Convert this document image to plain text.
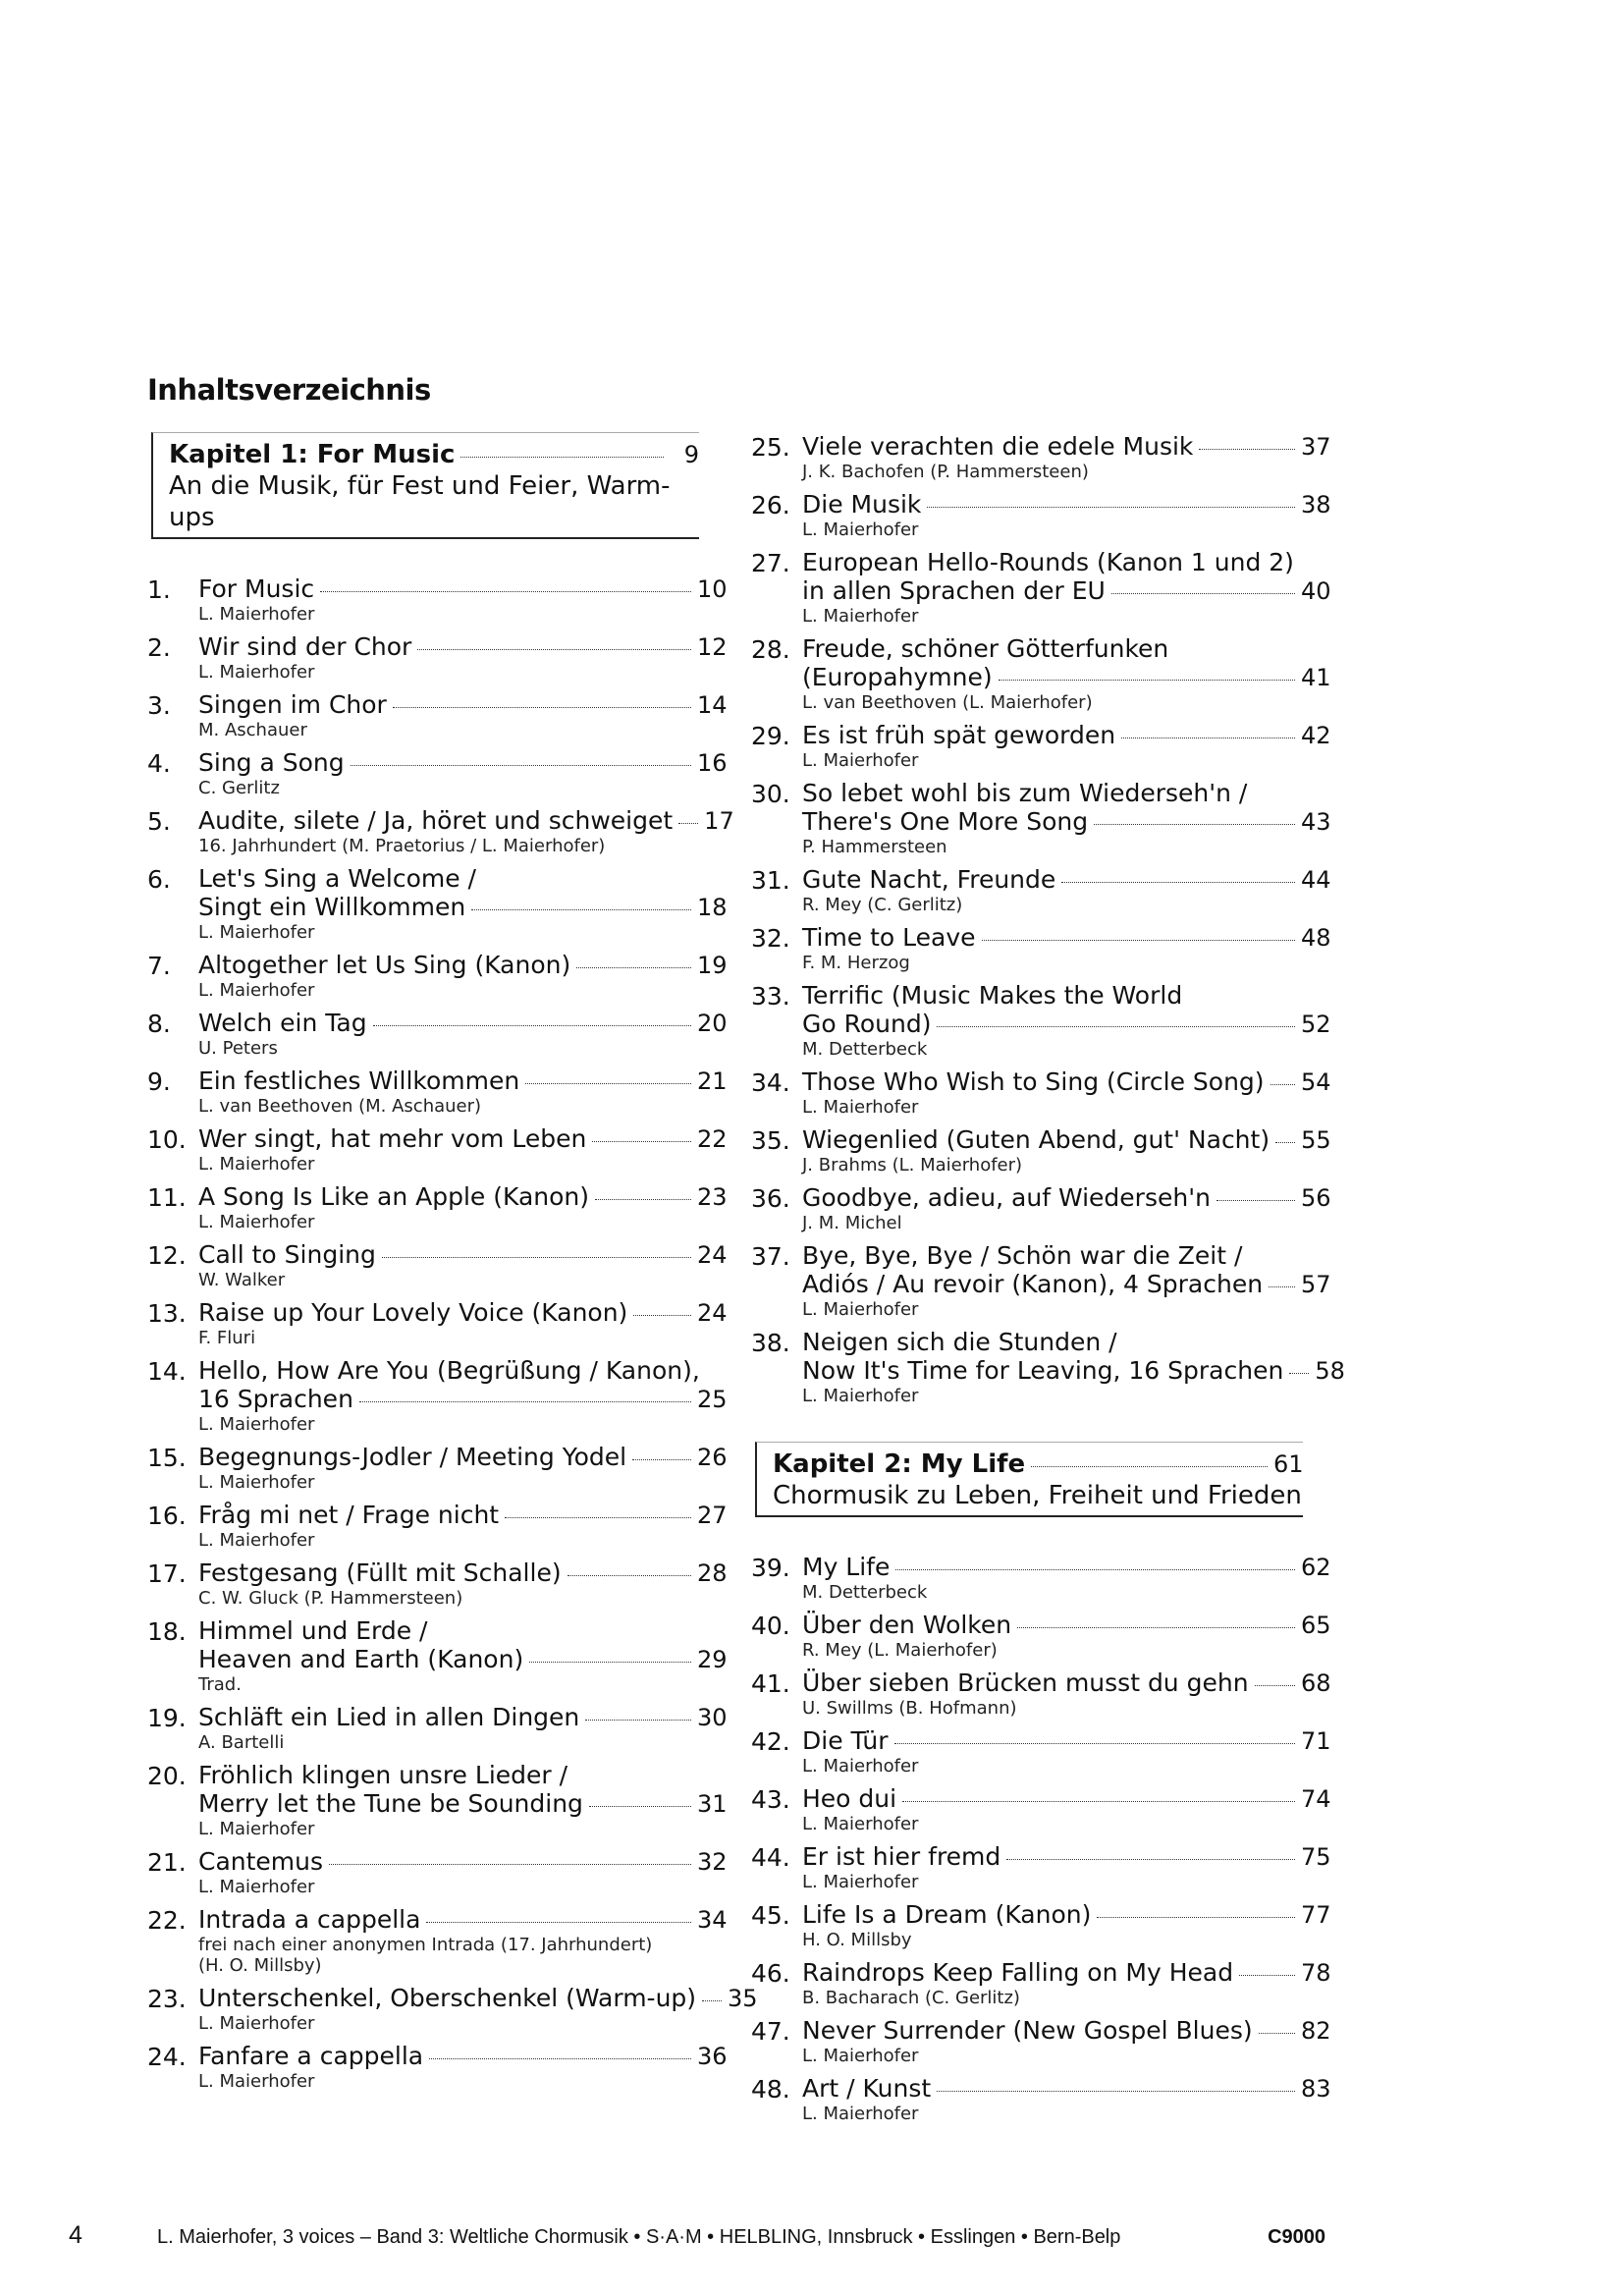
Inhaltsverzeichnis
Kapitel 1: For Music	9
An die Musik, für Fest und Feier, Warm-ups
1.	For Music	10
L. Maierhofer
2.	Wir sind der Chor	12
L. Maierhofer
3.	Singen im Chor	14
M. Aschauer
4.	Sing a Song	16
C. Gerlitz
5.	Audite, silete / Ja, höret und schweiget 17
16. Jahrhundert (M. Praetorius / L. Maierhofer)
6.	Let's Sing a Welcome /
Singt ein Willkommen	18
L. Maierhofer
7.	Altogether let Us Sing (Kanon)	19
L. Maierhofer
8.	Welch ein Tag	20
U. Peters
9.	Ein festliches Willkommen	21
L. van Beethoven (M. Aschauer)
10. Wer singt, hat mehr vom Leben	22
L. Maierhofer
11. A Song Is Like an Apple (Kanon)	23
L. Maierhofer
12. Call to Singing	24
W. Walker
13. Raise up Your Lovely Voice (Kanon)	24
F. Fluri
14. Hello, How Are You (Begrüßung / Kanon),
16 Sprachen	25
L. Maierhofer
15. Begegnungs-Jodler / Meeting Yodel	26
L. Maierhofer
16. Fråg mi net / Frage nicht	27
L. Maierhofer
17. Festgesang (Füllt mit Schalle)	28
C. W. Gluck (P. Hammersteen)
18. Himmel und Erde /
Heaven and Earth (Kanon)	29
Trad.
19. Schläft ein Lied in allen Dingen	30
A. Bartelli
20. Fröhlich klingen unsre Lieder /
Merry let the Tune be Sounding	31
L. Maierhofer
21. Cantemus	32
L. Maierhofer
22. Intrada a cappella	34
frei nach einer anonymen Intrada (17. Jahrhundert)
(H. O. Millsby)
23. Unterschenkel, Oberschenkel (Warm-up) 35
L. Maierhofer
24. Fanfare a cappella	36
L. Maierhofer
25. Viele verachten die edele Musik	37
J. K. Bachofen (P. Hammersteen)
26. Die Musik	38
L. Maierhofer
27. European Hello-Rounds (Kanon 1 und 2)
in allen Sprachen der EU	40
L. Maierhofer
28. Freude, schöner Götterfunken
(Europahymne)	41
L. van Beethoven (L. Maierhofer)
29. Es ist früh spät geworden	42
L. Maierhofer
30. So lebet wohl bis zum Wiederseh'n /
There's One More Song	43
P. Hammersteen
31. Gute Nacht, Freunde	44
R. Mey (C. Gerlitz)
32. Time to Leave	48
F. M. Herzog
33. Terrific (Music Makes the World
Go Round)	52
M. Detterbeck
34. Those Who Wish to Sing (Circle Song) 54
L. Maierhofer
35. Wiegenlied (Guten Abend, gut' Nacht) 55
J. Brahms (L. Maierhofer)
36. Goodbye, adieu, auf Wiederseh'n	56
J. M. Michel
37. Bye, Bye, Bye / Schön war die Zeit /
Adiós / Au revoir (Kanon), 4 Sprachen 57
L. Maierhofer
38. Neigen sich die Stunden /
Now It's Time for Leaving, 16 Sprachen 58
L. Maierhofer
Kapitel 2: My Life	61
Chormusik zu Leben, Freiheit und Frieden
39. My Life	62
M. Detterbeck
40. Über den Wolken	65
R. Mey (L. Maierhofer)
41. Über sieben Brücken musst du gehn 68
U. Swillms (B. Hofmann)
42. Die Tür	71
L. Maierhofer
43. Heo dui	74
L. Maierhofer
44. Er ist hier fremd	75
L. Maierhofer
45. Life Is a Dream (Kanon)	77
H. O. Millsby
46. Raindrops Keep Falling on My Head	78
B. Bacharach (C. Gerlitz)
47. Never Surrender (New Gospel Blues) 82
L. Maierhofer
48. Art / Kunst	83
L. Maierhofer
4	L. Maierhofer, 3 voices – Band 3: Weltliche Chormusik • S·A·M • HELBLING, Innsbruck • Esslingen • Bern-Belp	C9000
